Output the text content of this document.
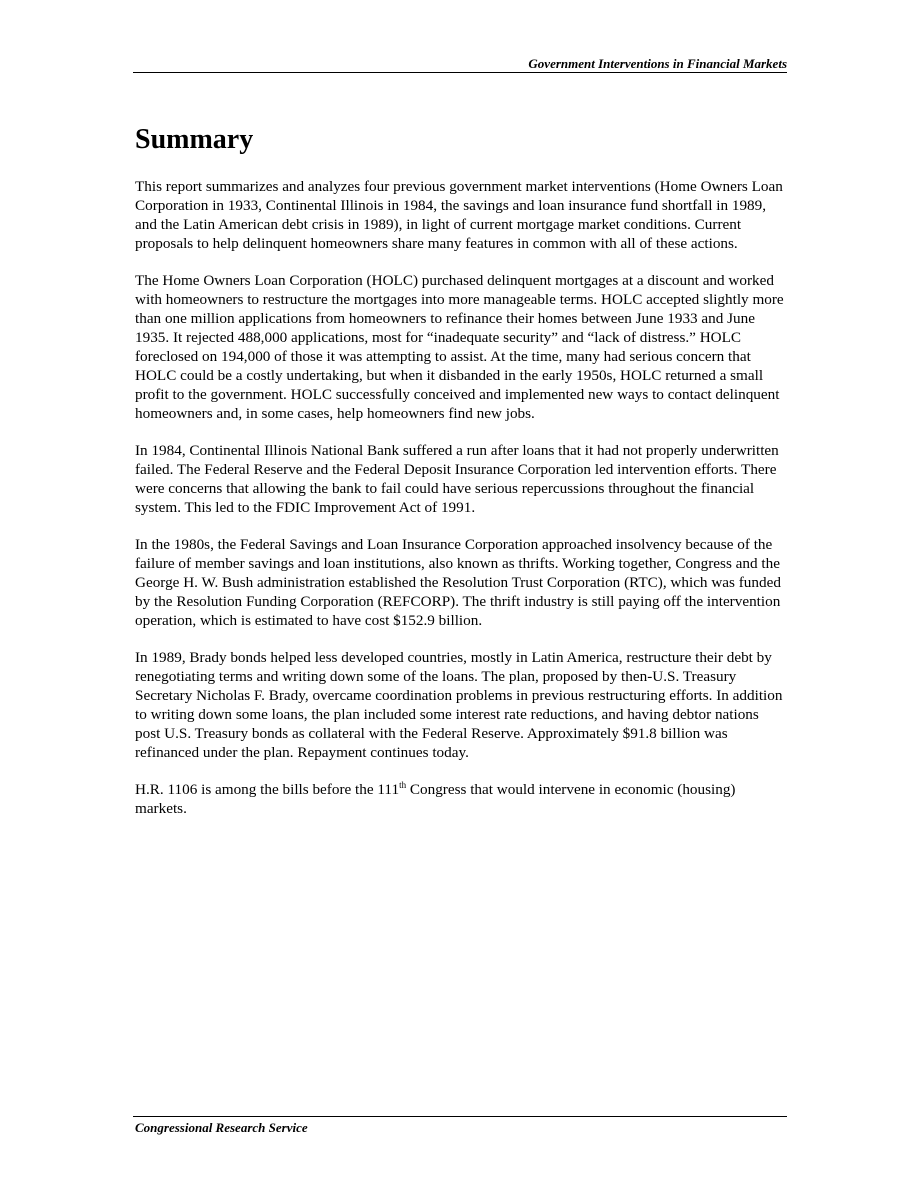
Government Interventions in Financial Markets
Summary

This report summarizes and analyzes four previous government market interventions (Home Owners Loan Corporation in 1933, Continental Illinois in 1984, the savings and loan insurance fund shortfall in 1989, and the Latin American debt crisis in 1989), in light of current mortgage market conditions. Current proposals to help delinquent homeowners share many features in common with all of these actions.

The Home Owners Loan Corporation (HOLC) purchased delinquent mortgages at a discount and worked with homeowners to restructure the mortgages into more manageable terms. HOLC accepted slightly more than one million applications from homeowners to refinance their homes between June 1933 and June 1935. It rejected 488,000 applications, most for “inadequate security” and “lack of distress.” HOLC foreclosed on 194,000 of those it was attempting to assist. At the time, many had serious concern that HOLC could be a costly undertaking, but when it disbanded in the early 1950s, HOLC returned a small profit to the government. HOLC successfully conceived and implemented new ways to contact delinquent homeowners and, in some cases, help homeowners find new jobs.

In 1984, Continental Illinois National Bank suffered a run after loans that it had not properly underwritten failed. The Federal Reserve and the Federal Deposit Insurance Corporation led intervention efforts. There were concerns that allowing the bank to fail could have serious repercussions throughout the financial system. This led to the FDIC Improvement Act of 1991.

In the 1980s, the Federal Savings and Loan Insurance Corporation approached insolvency because of the failure of member savings and loan institutions, also known as thrifts. Working together, Congress and the George H. W. Bush administration established the Resolution Trust Corporation (RTC), which was funded by the Resolution Funding Corporation (REFCORP). The thrift industry is still paying off the intervention operation, which is estimated to have cost $152.9 billion.

In 1989, Brady bonds helped less developed countries, mostly in Latin America, restructure their debt by renegotiating terms and writing down some of the loans. The plan, proposed by then-U.S. Treasury Secretary Nicholas F. Brady, overcame coordination problems in previous restructuring efforts. In addition to writing down some loans, the plan included some interest rate reductions, and having debtor nations post U.S. Treasury bonds as collateral with the Federal Reserve. Approximately $91.8 billion was refinanced under the plan. Repayment continues today.

H.R. 1106 is among the bills before the 111th Congress that would intervene in economic (housing) markets.

Congressional Research Service
